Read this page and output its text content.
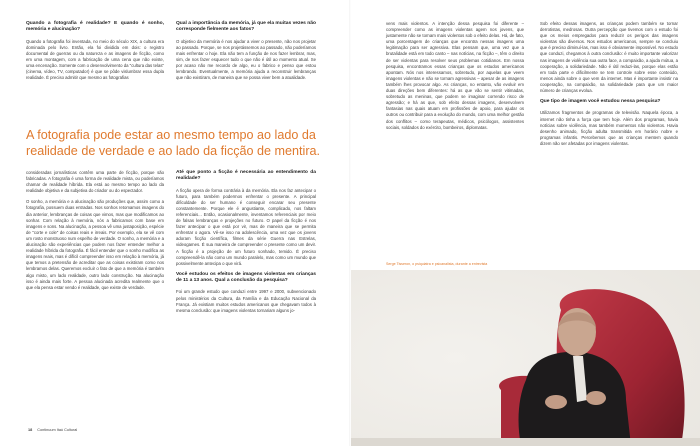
Quando a fotografia é realidade? E quando é sonho, memória e alucinação?

Quando a fotografia foi inventada, no meio do século XIX, a cultura era dominada pelo livro. Então, ela foi dividida em dois: o registro documental de guerras ou da natureza e as imagens de ficção, como em uma montagem, com a fabricação de uma cena que não existe, uma encenação. Somente com o desenvolvimento da "cultura das telas" (cinema, vídeo, TV, computador) é que se pôde vislumbrar essa dupla realidade. É preciso admitir que mesmo as fotografias

A fotografia pode estar ao mesmo tempo ao lado da realidade de verdade e ao lado da ficção de mentira.

consideradas jornalísticas contêm uma parte de ficção, porque são fabricadas. A fotografia é uma forma de realidade mista, ou poderíamos chamar de realidade híbrida. Ela está ao mesmo tempo ao lado da realidade objetiva e da subjetiva do criador ou do espectador.

O sonho, a memória e a alucinação são produções que, assim como a fotografia, possuem duas entradas. Nos sonhos retomamos imagens do dia anterior, lembranças de coisas que vimos, mas que modificamos ao sonhar. Com relação à memória, nós a fabricamos com base em imagens e sons. Na alucinação, a pessoa vê uma justaposição, espécie de "corte e cole" de coisas reais e irreais. Por exemplo, ela se vê com um rosto monstruoso num espelho de verdade. O sonho, a memória e a alucinação são experiências que podem nos fazer entender melhor a realidade híbrida da fotografia. É fácil entender que o sonho modifica as imagens reais, mas é difícil compreender isso em relação à memória, já que temos a pretensão de acreditar que as coisas existiram como nos lembramos delas. Queremos excluir o fato de que a memória é também algo misto, um lado realidade, outro lado construção. Na alucinação isso é ainda mais forte. A pessoa alucinada acredita realmente que o que ela pensa estar vendo é realidade, que existe de verdade.

Qual a importância da memória, já que ela muitas vezes não corresponde fielmente aos fatos?

O objetivo da memória é nos ajudar a viver o presente, não nos projetar ao passado. Porque, se nos projetássemos ao passado, não poderíamos mais enfrentar o hoje. Ela não tem a função de nos fazer lembrar, mas, sim, de nos fazer esquecer tudo o que não é útil ao momento atual. Se por acaso não me recordo de algo, eu o fabrico e penso que estou lembrando. Eventualmente, a memória ajuda a reconstruir lembranças que não existiram, de maneira que se possa viver bem a atualidade.

Até que ponto a ficção é necessária ao entendimento da realidade?

A ficção opera de forma contrária à da memória. Ela nos faz antecipar o futuro, para também podermos enfrentar o presente. A principal dificuldade do ser humano é conseguir encarar seu presente constantemente. Porque ele é angustiante, complicado, nos faltam referenciais... Então, ocasionalmente, inventamos referenciais por meio de falsas lembranças e projeções no futuro. O papel da ficção é nos fazer antecipar o que está por vir, mas de maneira que se permita enfrentar o agora. Vê-se isso na adolescência, uma vez que os jovens adoram ficção científica, filmes da série Guerra nas Estrelas, videogames. É sua maneira de compreender o presente como um devir. A ficção é a projeção de um futuro sonhado, temido. É preciso compreendê-la não como um mundo paralelo, mas como um mundo que possivelmente antecipa o que virá.

Você estudou os efeitos de imagens violentas em crianças de 11 a 13 anos. Qual a conclusão da pesquisa?

Foi um grande estudo que conduzi entre 1997 e 2000, subvencionado pelos ministérios da Cultura, da Família e da Educação Nacional da França. Já existiam muitos estudos americanos que chegavam todos à mesma conclusão: que imagens violentas tornariam alguns jo-

vens mais violentos. A intenção dessa pesquisa foi diferente – compreender como as imagens violentas agem nos jovens, que justamente não se tornam mais violentos sob o efeito delas. Há, de fato, uma porcentagem de crianças que encontra nessas imagens uma legitimação para ser agressiva. Elas pensam que, uma vez que a brutalidade está em todo canto – nas notícias, na ficção –, têm o direito de ser violentas para resolver seus problemas cotidianos. Em nossa pesquisa, encontramos essas crianças que os estudos americanos apontam. Nós nos interessamos, sobretudo, por aquelas que veem imagens violentas e não se tornam agressivas – apesar de as imagens também lhes provocar algo. As crianças, no entanto, vão evoluir em duas direções bem diferentes: há as que vão se sentir vitimadas, sobretudo as meninas, que podem se imaginar correndo risco de agressão; e há as que, sob efeito dessas imagens, desenvolvem fantasias nas quais atuam em profissões de apoio, para ajudar os outros ou contribuir para a evolução do mundo, com uma melhor gestão dos conflitos – como terapeutas, médicos, psicólogos, assistentes sociais, soldados do exército, bombeiros, diplomatas.

Sob efeito dessas imagens, as crianças podem também se tornar derrotistas, medrosas. Outra percepção que tivemos com o estudo foi que os meios empregados para reduzir os perigos das imagens violentas são diversos. Nos estudos americanos, sempre se concluiu que é preciso diminuí-las, mas isso é obviamente impossível. No estudo que conduzi, chegamos à outra conclusão: é muito importante valorizar nas imagens de violência sua outra face, a compaixão, a ajuda mútua, a cooperação, a solidariedade. Não é útil reduzi-las, porque elas estão em toda parte e dificilmente se tem controle sobre esse conteúdo, menos ainda sobre o que vem da internet. Mas é importante insistir na cooperação, na compaixão, na solidariedade para que um maior número de crianças evolua.

Que tipo de imagem você estudou nessa pesquisa?

Utilizamos fragmentos de programas de televisão. Naquela época, a internet não tinha a força que tem hoje. Além dos programas, havia notícias sobre violência, mas também momentos não violentos. Havia desenho animado, ficção adulta transmitida em horário nobre e programas infantis. Percebemos que as crianças mentem quando dizem não ser afetadas por imagens violentas.

Serge Tisseron, o psiquiatra e psicanalista, durante a entrevista
18 Continuum Itaú Cultural
